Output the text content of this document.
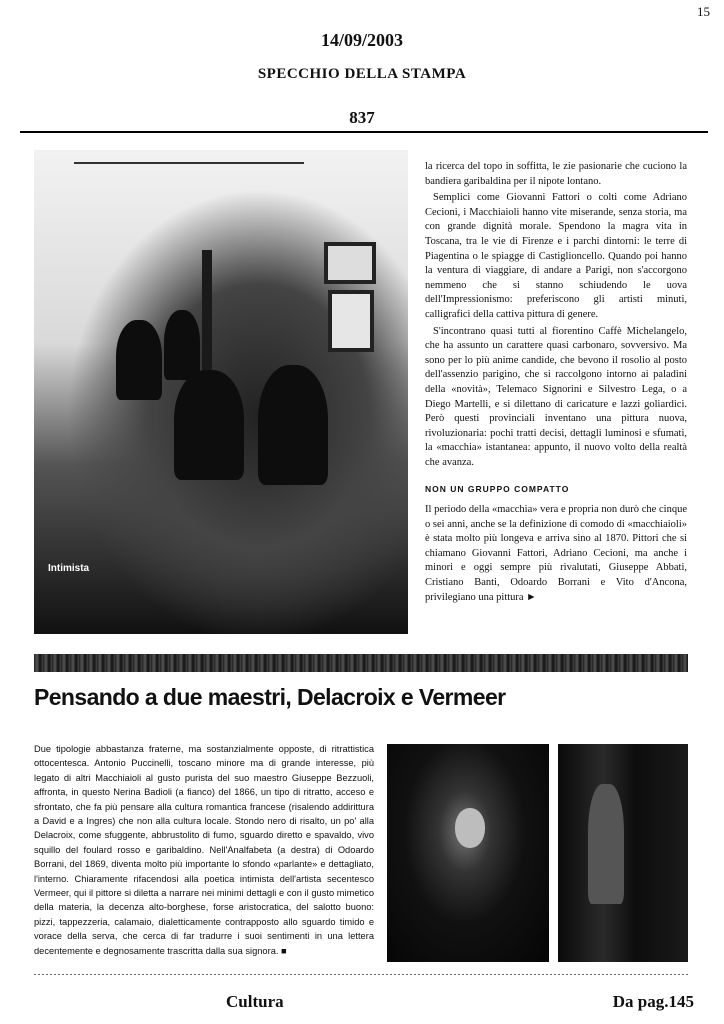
15
14/09/2003
SPECCHIO DELLA STAMPA
837
Intimista

la ricerca del topo in soffitta, le zie pasionarie che cuciono la bandiera garibaldina per il nipote lontano.

Semplici come Giovanni Fattori o colti come Adriano Cecioni, i Macchiaioli hanno vite miserande, senza storia, ma con grande dignità morale. Spendono la magra vita in Toscana, tra le vie di Firenze e i parchi dintorni: le terre di Piagentina o le spiagge di Castiglioncello. Quando poi hanno la ventura di viaggiare, di andare a Parigi, non s'accorgono nemmeno che si stanno schiudendo le uova dell'Impressionismo: preferiscono gli artisti minuti, calligrafici della cattiva pittura di genere.

S'incontrano quasi tutti al fiorentino Caffè Michelangelo, che ha assunto un carattere quasi carbonaro, sovversivo. Ma sono per lo più anime candide, che bevono il rosolio al posto dell'assenzio parigino, che si raccolgono intorno ai paladini della «novità», Telemaco Signorini e Silvestro Lega, o a Diego Martelli, e si dilettano di caricature e lazzi goliardici. Però questi provinciali inventano una pittura nuova, rivoluzionaria: pochi tratti decisi, dettagli luminosi e sfumati, la «macchia» istantanea: appunto, il nuovo volto della realtà che avanza.

NON UN GRUPPO COMPATTO

Il periodo della «macchia» vera e propria non durò che cinque o sei anni, anche se la definizione di comodo di «macchiaioli» è stata molto più longeva e arriva sino al 1870. Pittori che si chiamano Giovanni Fattori, Adriano Cecioni, ma anche i minori e oggi sempre più rivalutati, Giuseppe Abbati, Cristiano Banti, Odoardo Borrani e Vito d'Ancona, privilegiano una pittura ►

Pensando a due maestri, Delacroix e Vermeer
Due tipologie abbastanza fraterne, ma sostanzialmente opposte, di ritrattistica ottocentesca. Antonio Puccinelli, toscano minore ma di grande interesse, più legato di altri Macchiaioli al gusto purista del suo maestro Giuseppe Bezzuoli, affronta, in questo Nerina Badioli (a fianco) del 1866, un tipo di ritratto, acceso e sfrontato, che fa più pensare alla cultura romantica francese (risalendo addirittura a David e a Ingres) che non alla cultura locale. Stondo nero di risalto, un po' alla Delacroix, come sfuggente, abbrustolito di fumo, sguardo diretto e spavaldo, vivo squillo del foulard rosso e garibaldino. Nell'Analfabeta (a destra) di Odoardo Borrani, del 1869, diventa molto più importante lo sfondo «parlante» e dettagliato, l'interno. Chiaramente rifacendosi alla poetica intimista dell'artista secentesco Vermeer, qui il pittore si diletta a narrare nei minimi dettagli e con il gusto mimetico della materia, la decenza alto-borghese, forse aristocratica, del salotto buono: pizzi, tappezzeria, calamaio, dialetticamente contrapposto allo sguardo timido e vorace della serva, che cerca di far tradurre i suoi sentimenti in una lettera decentemente e degnosamente trascritta dalla sua signora. ■
Cultura	Da pag.145
